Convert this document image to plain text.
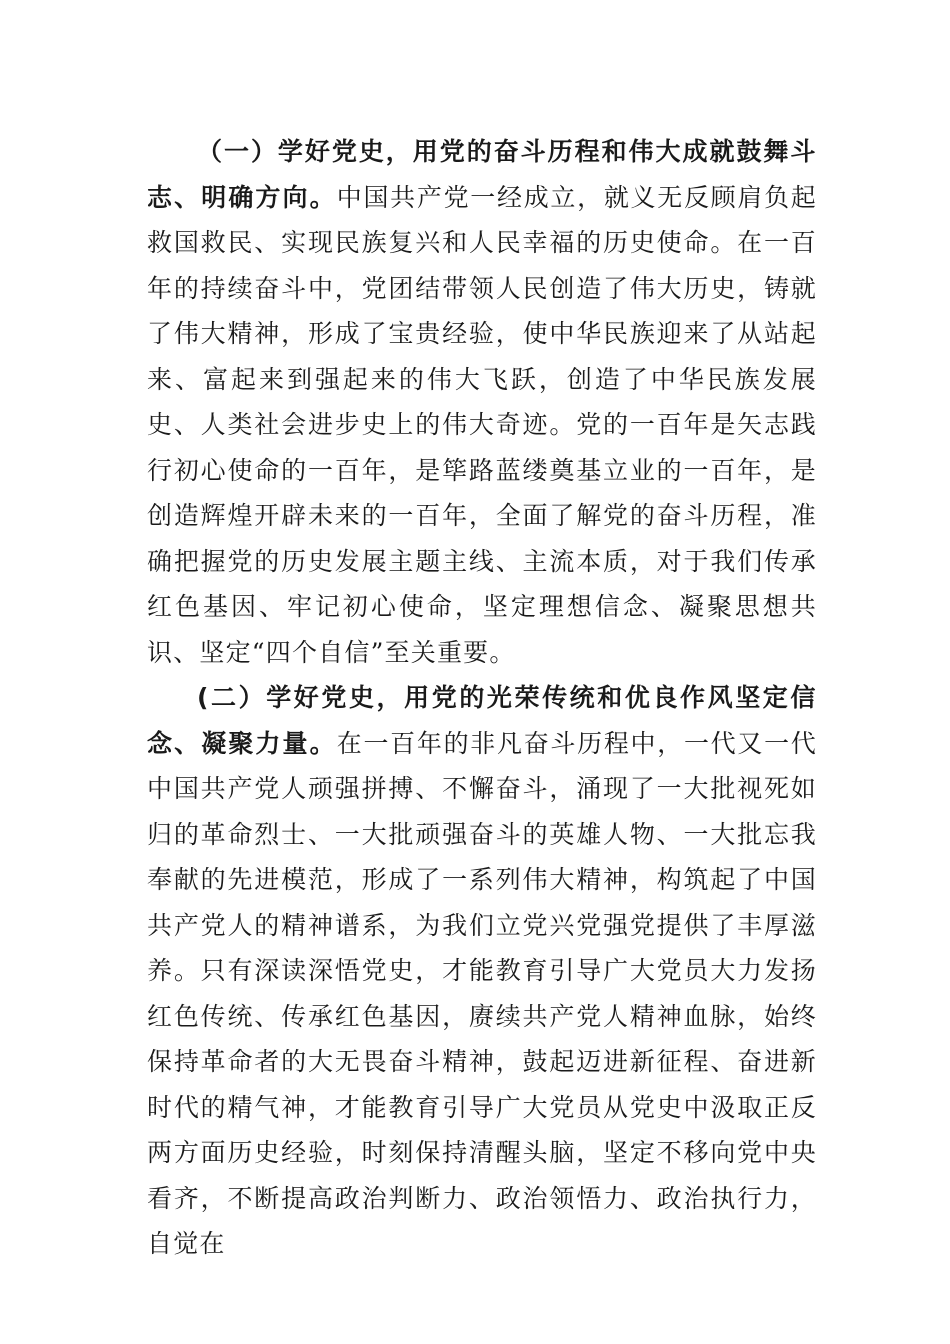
（一）学好党史，用党的奋斗历程和伟大成就鼓舞斗志、明确方向。中国共产党一经成立，就义无反顾肩负起救国救民、实现民族复兴和人民幸福的历史使命。在一百年的持续奋斗中，党团结带领人民创造了伟大历史，铸就了伟大精神，形成了宝贵经验，使中华民族迎来了从站起来、富起来到强起来的伟大飞跃，创造了中华民族发展史、人类社会进步史上的伟大奇迹。党的一百年是矢志践行初心使命的一百年，是筚路蓝缕奠基立业的一百年，是创造辉煌开辟未来的一百年，全面了解党的奋斗历程，准确把握党的历史发展主题主线、主流本质，对于我们传承红色基因、牢记初心使命，坚定理想信念、凝聚思想共识、坚定“四个自信”至关重要。

(二）学好党史，用党的光荣传统和优良作风坚定信念、凝聚力量。在一百年的非凡奋斗历程中，一代又一代中国共产党人顽强拼搏、不懈奋斗，涌现了一大批视死如归的革命烈士、一大批顽强奋斗的英雄人物、一大批忘我奉献的先进模范，形成了一系列伟大精神，构筑起了中国共产党人的精神谱系，为我们立党兴党强党提供了丰厚滋养。只有深读深悟党史，才能教育引导广大党员大力发扬红色传统、传承红色基因，赓续共产党人精神血脉，始终保持革命者的大无畏奋斗精神，鼓起迈进新征程、奋进新时代的精气神，才能教育引导广大党员从党史中汲取正反两方面历史经验，时刻保持清醒头脑，坚定不移向党中央看齐，不断提高政治判断力、政治领悟力、政治执行力，自觉在
